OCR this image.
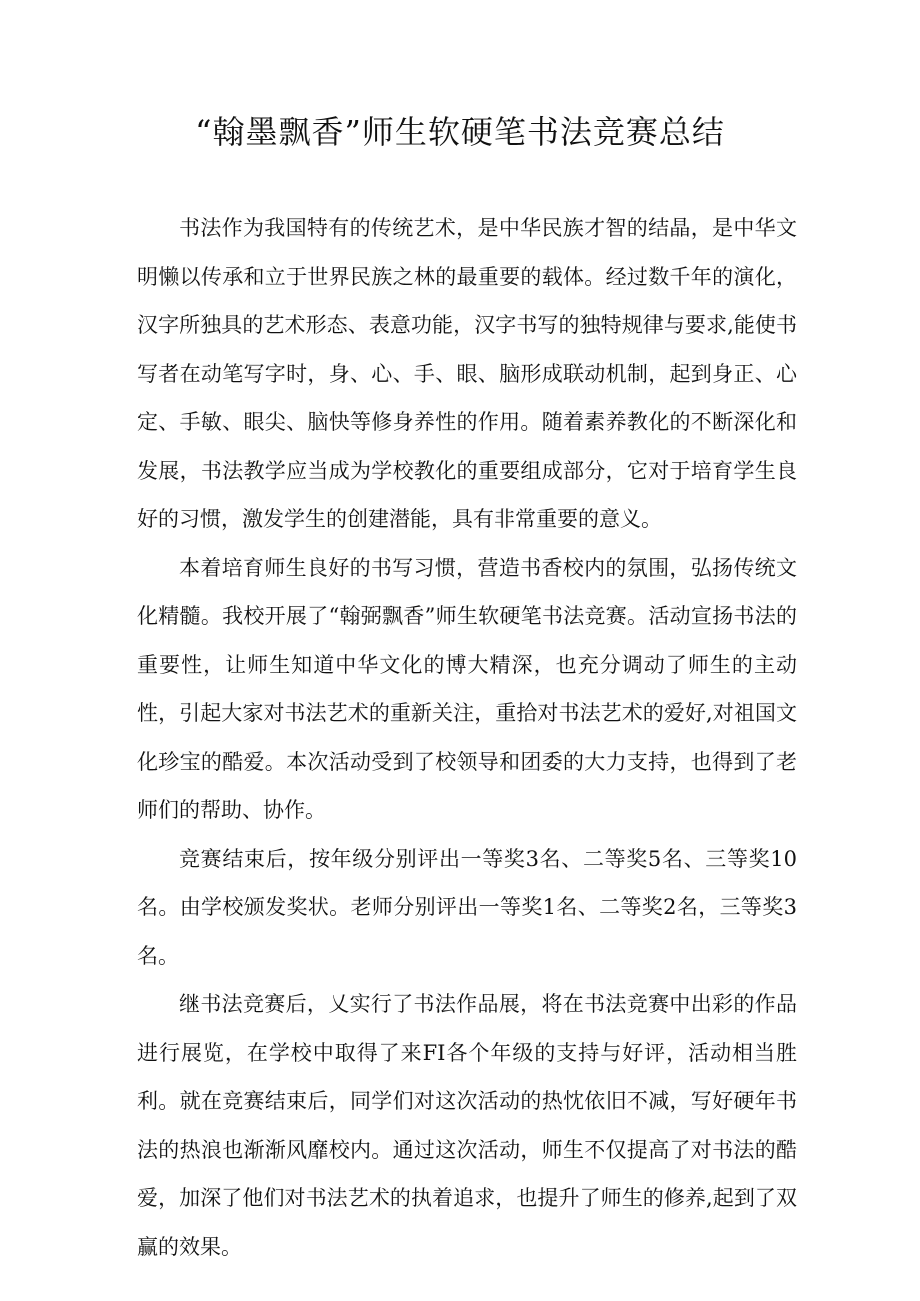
“翰墨飘香”师生软硬笔书法竞赛总结

书法作为我国特有的传统艺术，是中华民族才智的结晶，是中华文明懒以传承和立于世界民族之林的最重要的载体。经过数千年的演化，汉字所独具的艺术形态、表意功能，汉字书写的独特规律与要求,能使书写者在动笔写字时，身、心、手、眼、脑形成联动机制，起到身正、心定、手敏、眼尖、脑快等修身养性的作用。随着素养教化的不断深化和发展，书法教学应当成为学校教化的重要组成部分，它对于培育学生良好的习惯，激发学生的创建潜能，具有非常重要的意义。

本着培育师生良好的书写习惯，营造书香校内的氛围，弘扬传统文化精髓。我校开展了“翰弼飘香”师生软硬笔书法竞赛。活动宣扬书法的重要性，让师生知道中华文化的博大精深，也充分调动了师生的主动性，引起大家对书法艺术的重新关注，重拾对书法艺术的爱好,对祖国文化珍宝的酷爱。本次活动受到了校领导和团委的大力支持，也得到了老师们的帮助、协作。

竞赛结束后，按年级分别评出一等奖3名、二等奖5名、三等奖10名。由学校颁发奖状。老师分别评出一等奖1名、二等奖2名，三等奖3名。

继书法竞赛后，乂实行了书法作品展，将在书法竞赛中出彩的作品进行展览，在学校中取得了来FI各个年级的支持与好评，活动相当胜利。就在竞赛结束后，同学们对这次活动的热忱依旧不减，写好硬年书法的热浪也渐渐风靡校内。通过这次活动，师生不仅提高了对书法的酷爱，加深了他们对书法艺术的执着追求，也提升了师生的修养,起到了双赢的效果。
